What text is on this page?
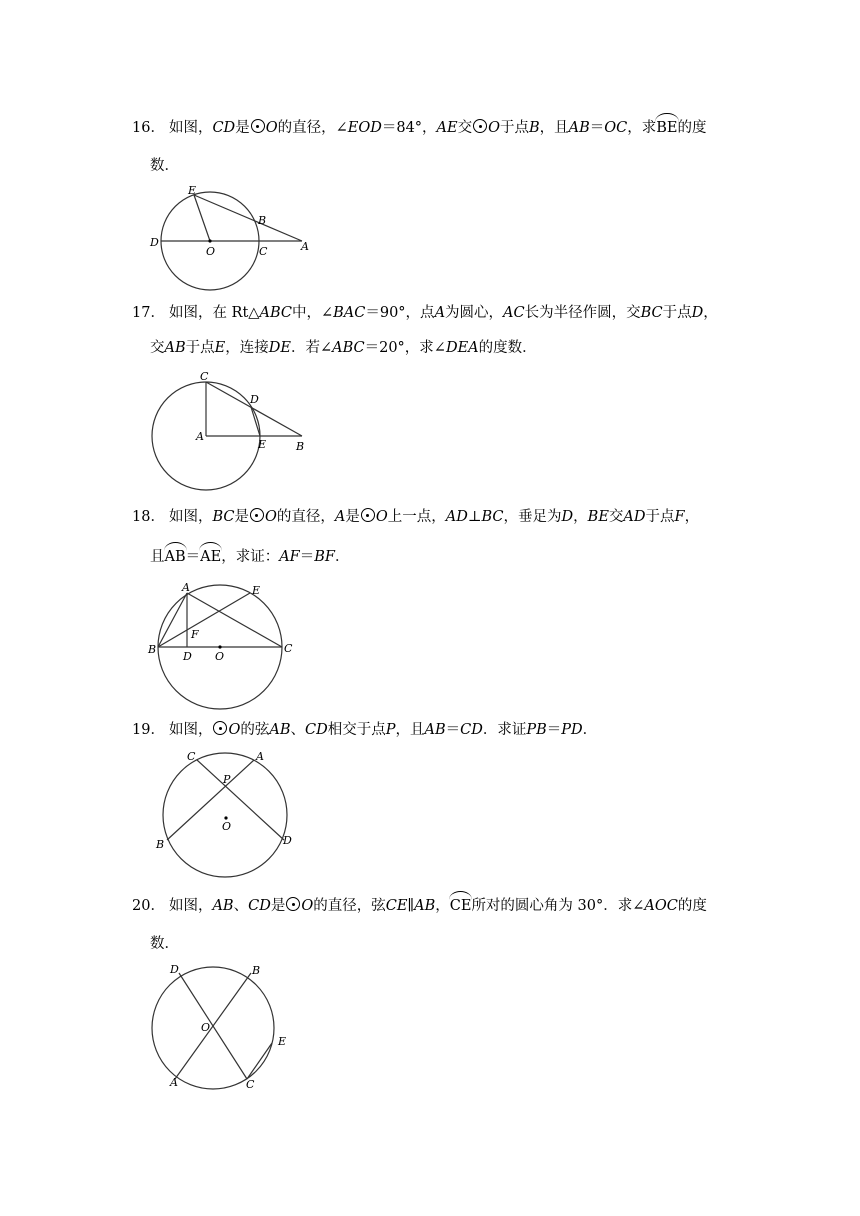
16． 如图，CD是 O的直径，∠EOD＝84°，AE交 O于点B，且AB＝OC，求BE的度
数．
E
B
D
O	C	A
17． 如图，在 Rt△ABC中，∠BAC＝90°，点A为圆心，AC长为半径作圆，交BC于点D，
交AB于点E，连接DE．若∠ABC＝20°，求∠DEA的度数．
C
D
A
E	B
18． 如图，BC是 O的直径，A是 O上一点，AD⊥BC，垂足为D，BE交AD于点F，
且AB＝AE，求证：AF＝BF．
A	E
F
B
D O
C
19． 如图， O的弦AB、CD相交于点P，且AB＝CD．求证PB＝PD．
C	A
P
O
B	D
20． 如图，AB、CD是 O的直径，弦CE∥AB，CE所对的圆心角为 30°．求∠AOC的度
数．
D	B
O
E
A	C
